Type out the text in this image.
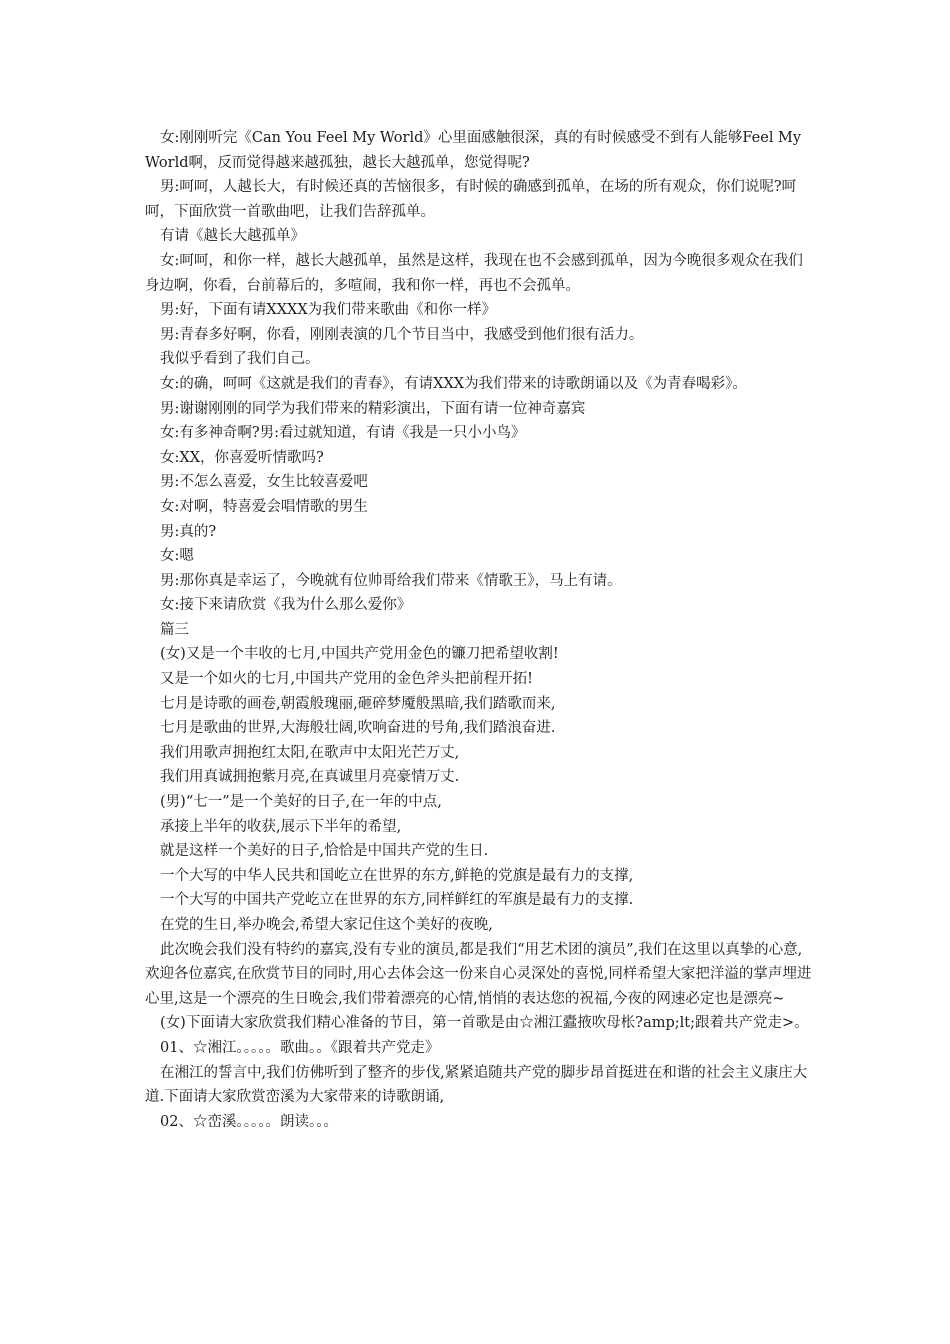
女:刚刚听完《Can You Feel My World》心里面感触很深，真的有时候感受不到有人能够Feel My World啊，反而觉得越来越孤独，越长大越孤单，您觉得呢?

男:呵呵，人越长大，有时候还真的苦恼很多，有时候的确感到孤单，在场的所有观众，你们说呢?呵呵，下面欣赏一首歌曲吧，让我们告辞孤单。

有请《越长大越孤单》

女:呵呵，和你一样，越长大越孤单，虽然是这样，我现在也不会感到孤单，因为今晚很多观众在我们身边啊，你看，台前幕后的，多喧闹，我和你一样，再也不会孤单。

男:好，下面有请XXXX为我们带来歌曲《和你一样》

男:青春多好啊，你看，刚刚表演的几个节目当中，我感受到他们很有活力。

我似乎看到了我们自己。

女:的确，呵呵《这就是我们的青春》，有请XXX为我们带来的诗歌朗诵以及《为青春喝彩》。

男:谢谢刚刚的同学为我们带来的精彩演出，下面有请一位神奇嘉宾

女:有多神奇啊?男:看过就知道，有请《我是一只小小鸟》

女:XX，你喜爱听情歌吗?

男:不怎么喜爱，女生比较喜爱吧

女:对啊，特喜爱会唱情歌的男生

男:真的?

女:嗯

男:那你真是幸运了，今晚就有位帅哥给我们带来《情歌王》，马上有请。

女:接下来请欣赏《我为什么那么爱你》

篇三

(女)又是一个丰收的七月,中国共产党用金色的镰刀把希望收割!

又是一个如火的七月,中国共产党用的金色斧头把前程开拓!

七月是诗歌的画卷,朝霞般瑰丽,砸碎梦魇般黑暗,我们踏歌而来,

七月是歌曲的世界,大海般壮阔,吹响奋进的号角,我们踏浪奋进.

我们用歌声拥抱红太阳,在歌声中太阳光芒万丈,

我们用真诚拥抱紫月亮,在真诚里月亮豪情万丈.

(男)“七一”是一个美好的日子,在一年的中点,

承接上半年的收获,展示下半年的希望,

就是这样一个美好的日子,恰恰是中国共产党的生日.

一个大写的中华人民共和国屹立在世界的东方,鲜艳的党旗是最有力的支撑,

一个大写的中国共产党屹立在世界的东方,同样鲜红的军旗是最有力的支撑.

在党的生日,举办晚会,希望大家记住这个美好的夜晚,

此次晚会我们没有特约的嘉宾,没有专业的演员,都是我们“用艺术团的演员”,我们在这里以真挚的心意,欢迎各位嘉宾,在欣赏节目的同时,用心去体会这一份来自心灵深处的喜悦,同样希望大家把洋溢的掌声埋进心里,这是一个漂亮的生日晚会,我们带着漂亮的心情,悄悄的表达您的祝福,今夜的网速必定也是漂亮~

(女)下面请大家欣赏我们精心准备的节目，第一首歌是由☆湘江蠹掖吹母枨?amp;lt;跟着共产党走>。

01、☆湘江。。。。。歌曲。。《跟着共产党走》

在湘江的誓言中,我们仿佛听到了整齐的步伐,紧紧追随共产党的脚步昂首挺进在和谐的社会主义康庄大道.下面请大家欣赏峦溪为大家带来的诗歌朗诵,

02、☆峦溪。。。。。朗读。。。
